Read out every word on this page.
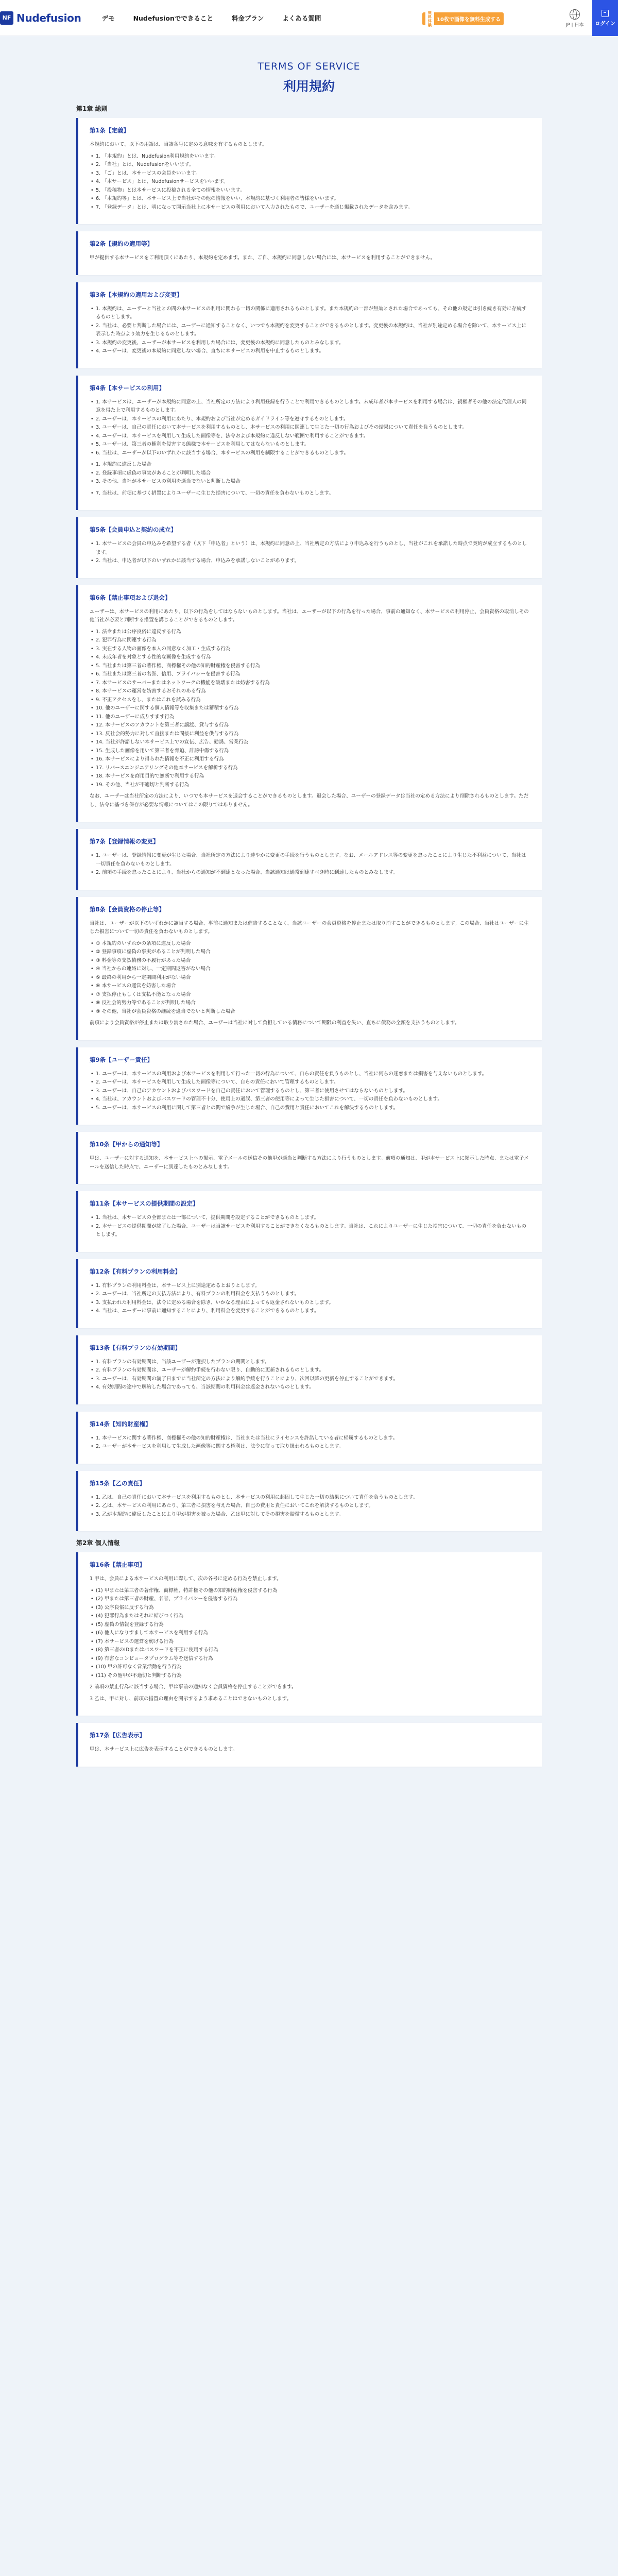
NF Nudefusion	デモ	Nudefusionでできること	料金プラン	よくある質問
無料
体験
10枚で画像を無料生成する
JP | 日本 ログイン
TERMS OF SERVICE
利用規約
第1章 総則
第1条【定義】

本規約において、以下の用語は、当該各号に定める意味を有するものとします。

• 1. 「本規約」とは、Nudefusion利用規約をいいます。
• 2. 「当社」とは、Nudefusionをいいます。
• 3. 「ご」とは、本サービスの会員をいいます。
• 4. 「本サービス」とは、Nudefusionサービスをいいます。
• 5. 「投稿物」とは本サービスに投稿される全ての情報をいいます。
• 6. 「本規約等」とは、本サービス上で当社がその他の情報をいい、本規約に基づく利用者の皆様をいいます。
• 7. 「登録データ」とは、明になって開示当社上に本サービスの利用において入力されたもので、ユーザーを通じ掲載されたデータを含みます。
第2条【規約の適用等】

甲が提供する本サービスをご利用頂くにあたり、本規約を定めます。また、ご自、本規約に同意しない場合には、本サービスを利用することができません。

第3条【本規約の適用および変更】
• 1. 本規約は、ユーザーと当社との間の本サービスの利用に関わる一切の関係に適用されるものとします。また本規約の一部が無効とされた場合であっても、その他の規定は引き続き有効に存続するものとします。
• 2. 当社は、必要と判断した場合には、ユーザーに通知することなく、いつでも本規約を変更することができるものとします。変更後の本規約は、当社が別途定める場合を除いて、本サービス上に表示した時点より効力を生じるものとします。
• 3. 本規約の変更後、ユーザーが本サービスを利用した場合には、変更後の本規約に同意したものとみなします。
• 4. ユーザーは、変更後の本規約に同意しない場合、直ちに本サービスの利用を中止するものとします。
第4条【本サービスの利用】
• 1. 本サービスは、ユーザーが本規約に同意の上、当社所定の方法により利用登録を行うことで利用できるものとします。未成年者が本サービスを利用する場合は、親権者その他の法定代理人の同意を得た上で利用するものとします。
• 2. ユーザーは、本サービスの利用にあたり、本規約および当社が定めるガイドライン等を遵守するものとします。
• 3. ユーザーは、自己の責任において本サービスを利用するものとし、本サービスの利用に関連して生じた一切の行為およびその結果について責任を負うものとします。
• 4. ユーザーは、本サービスを利用して生成した画像等を、法令および本規約に違反しない範囲で利用することができます。
• 5. ユーザーは、第三者の権利を侵害する態様で本サービスを利用してはならないものとします。
• 6. 当社は、ユーザーが以下のいずれかに該当する場合、本サービスの利用を制限することができるものとします。
• 1. 本規約に違反した場合
• 2. 登録事項に虚偽の事実があることが判明した場合
• 3. その他、当社が本サービスの利用を適当でないと判断した場合
• 7. 当社は、前項に基づく措置によりユーザーに生じた損害について、一切の責任を負わないものとします。
第5条【会員申込と契約の成立】
• 1. 本サービスの会員の申込みを希望する者（以下「申込者」という）は、本規約に同意の上、当社所定の方法により申込みを行うものとし、当社がこれを承諾した時点で契約が成立するものとします。
• 2. 当社は、申込者が以下のいずれかに該当する場合、申込みを承諾しないことがあります。
第6条【禁止事項および退会】

ユーザーは、本サービスの利用にあたり、以下の行為をしてはならないものとします。当社は、ユーザーが以下の行為を行った場合、事前の通知なく、本サービスの利用停止、会員資格の取消しその他当社が必要と判断する措置を講じることができるものとします。

• 1. 法令または公序良俗に違反する行為
• 2. 犯罪行為に関連する行為
• 3. 実在する人物の画像を本人の同意なく加工・生成する行為
• 4. 未成年者を対象とする性的な画像を生成する行為
• 5. 当社または第三者の著作権、商標権その他の知的財産権を侵害する行為
• 6. 当社または第三者の名誉、信用、プライバシーを侵害する行為
• 7. 本サービスのサーバーまたはネットワークの機能を破壊または妨害する行為
• 8. 本サービスの運営を妨害するおそれのある行為
• 9. 不正アクセスをし、またはこれを試みる行為
• 10. 他のユーザーに関する個人情報等を収集または蓄積する行為
• 11. 他のユーザーに成りすます行為
• 12. 本サービスのアカウントを第三者に譲渡、貸与する行為
• 13. 反社会的勢力に対して直接または間接に利益を供与する行為
• 14. 当社が許諾しない本サービス上での宣伝、広告、勧誘、営業行為
• 15. 生成した画像を用いて第三者を脅迫、誹謗中傷する行為
• 16. 本サービスにより得られた情報を不正に利用する行為
• 17. リバースエンジニアリングその他本サービスを解析する行為
• 18. 本サービスを商用目的で無断で利用する行為
• 19. その他、当社が不適切と判断する行為

なお、ユーザーは当社所定の方法により、いつでも本サービスを退会することができるものとします。退会した場合、ユーザーの登録データは当社の定める方法により削除されるものとします。ただし、法令に基づき保存が必要な情報についてはこの限りではありません。

第7条【登録情報の変更】
• 1. ユーザーは、登録情報に変更が生じた場合、当社所定の方法により速やかに変更の手続を行うものとします。なお、メールアドレス等の変更を怠ったことにより生じた不利益について、当社は一切責任を負わないものとします。
• 2. 前項の手続を怠ったことにより、当社からの通知が不到達となった場合、当該通知は通常到達すべき時に到達したものとみなします。
第8条【会員資格の停止等】

当社は、ユーザーが以下のいずれかに該当する場合、事前に通知または催告することなく、当該ユーザーの会員資格を停止または取り消すことができるものとします。この場合、当社はユーザーに生じた損害について一切の責任を負わないものとします。

• ① 本規約のいずれかの条項に違反した場合
• ② 登録事項に虚偽の事実があることが判明した場合
• ③ 料金等の支払債務の不履行があった場合
• ④ 当社からの連絡に対し、一定期間返答がない場合
• ⑤ 最終の利用から一定期間利用がない場合
• ⑥ 本サービスの運営を妨害した場合
• ⑦ 支払停止もしくは支払不能となった場合
• ⑧ 反社会的勢力等であることが判明した場合
• ⑨ その他、当社が会員資格の継続を適当でないと判断した場合

前項により会員資格が停止または取り消された場合、ユーザーは当社に対して負担している債務について期限の利益を失い、直ちに債務の全額を支払うものとします。

第9条【ユーザー責任】
• 1. ユーザーは、本サービスの利用および本サービスを利用して行った一切の行為について、自らの責任を負うものとし、当社に何らの迷惑または損害を与えないものとします。
• 2. ユーザーは、本サービスを利用して生成した画像等について、自らの責任において管理するものとします。
• 3. ユーザーは、自己のアカウントおよびパスワードを自己の責任において管理するものとし、第三者に使用させてはならないものとします。
• 4. 当社は、アカウントおよびパスワードの管理不十分、使用上の過誤、第三者の使用等によって生じた損害について、一切の責任を負わないものとします。
• 5. ユーザーは、本サービスの利用に関して第三者との間で紛争が生じた場合、自己の費用と責任においてこれを解決するものとします。
第10条【甲からの通知等】

甲は、ユーザーに対する通知を、本サービス上への掲示、電子メールの送信その他甲が適当と判断する方法により行うものとします。前項の通知は、甲が本サービス上に掲示した時点、または電子メールを送信した時点で、ユーザーに到達したものとみなします。

第11条【本サービスの提供期間の設定】
• 1. 当社は、本サービスの全部または一部について、提供期間を設定することができるものとします。
• 2. 本サービスの提供期間が終了した場合、ユーザーは当該サービスを利用することができなくなるものとします。当社は、これによりユーザーに生じた損害について、一切の責任を負わないものとします。
第12条【有料プランの利用料金】
• 1. 有料プランの利用料金は、本サービス上に別途定めるとおりとします。
• 2. ユーザーは、当社所定の支払方法により、有料プランの利用料金を支払うものとします。
• 3. 支払われた利用料金は、法令に定める場合を除き、いかなる理由によっても返金されないものとします。
• 4. 当社は、ユーザーに事前に通知することにより、利用料金を変更することができるものとします。
第13条【有料プランの有効期間】
• 1. 有料プランの有効期間は、当該ユーザーが選択したプランの期間とします。
• 2. 有料プランの有効期間は、ユーザーが解約手続を行わない限り、自動的に更新されるものとします。
• 3. ユーザーは、有効期間の満了日までに当社所定の方法により解約手続を行うことにより、次回以降の更新を停止することができます。
• 4. 有効期間の途中で解約した場合であっても、当該期間の利用料金は返金されないものとします。
第14条【知的財産権】
• 1. 本サービスに関する著作権、商標権その他の知的財産権は、当社または当社にライセンスを許諾している者に帰属するものとします。
• 2. ユーザーが本サービスを利用して生成した画像等に関する権利は、法令に従って取り扱われるものとします。
第15条【乙の責任】
• 1. 乙は、自己の責任において本サービスを利用するものとし、本サービスの利用に起因して生じた一切の結果について責任を負うものとします。
• 2. 乙は、本サービスの利用にあたり、第三者に損害を与えた場合、自己の費用と責任においてこれを解決するものとします。
• 3. 乙が本規約に違反したことにより甲が損害を被った場合、乙は甲に対してその損害を賠償するものとします。
第2章 個人情報
第16条【禁止事項】

1 甲は、会員による本サービスの利用に際して、次の各号に定める行為を禁止します。

• (1) 甲または第三者の著作権、商標権、特許権その他の知的財産権を侵害する行為
• (2) 甲または第三者の財産、名誉、プライバシーを侵害する行為
• (3) 公序良俗に反する行為
• (4) 犯罪行為またはそれに結びつく行為
• (5) 虚偽の情報を登録する行為
• (6) 他人になりすまして本サービスを利用する行為
• (7) 本サービスの運営を妨げる行為
• (8) 第三者のIDまたはパスワードを不正に使用する行為
• (9) 有害なコンピュータプログラム等を送信する行為
• (10) 甲の許可なく営業活動を行う行為
• (11) その他甲が不適切と判断する行為

2 前項の禁止行為に該当する場合、甲は事前の通知なく会員資格を停止することができます。

3 乙は、甲に対し、前項の措置の理由を開示するよう求めることはできないものとします。

第17条【広告表示】

甲は、本サービス上に広告を表示することができるものとします。
